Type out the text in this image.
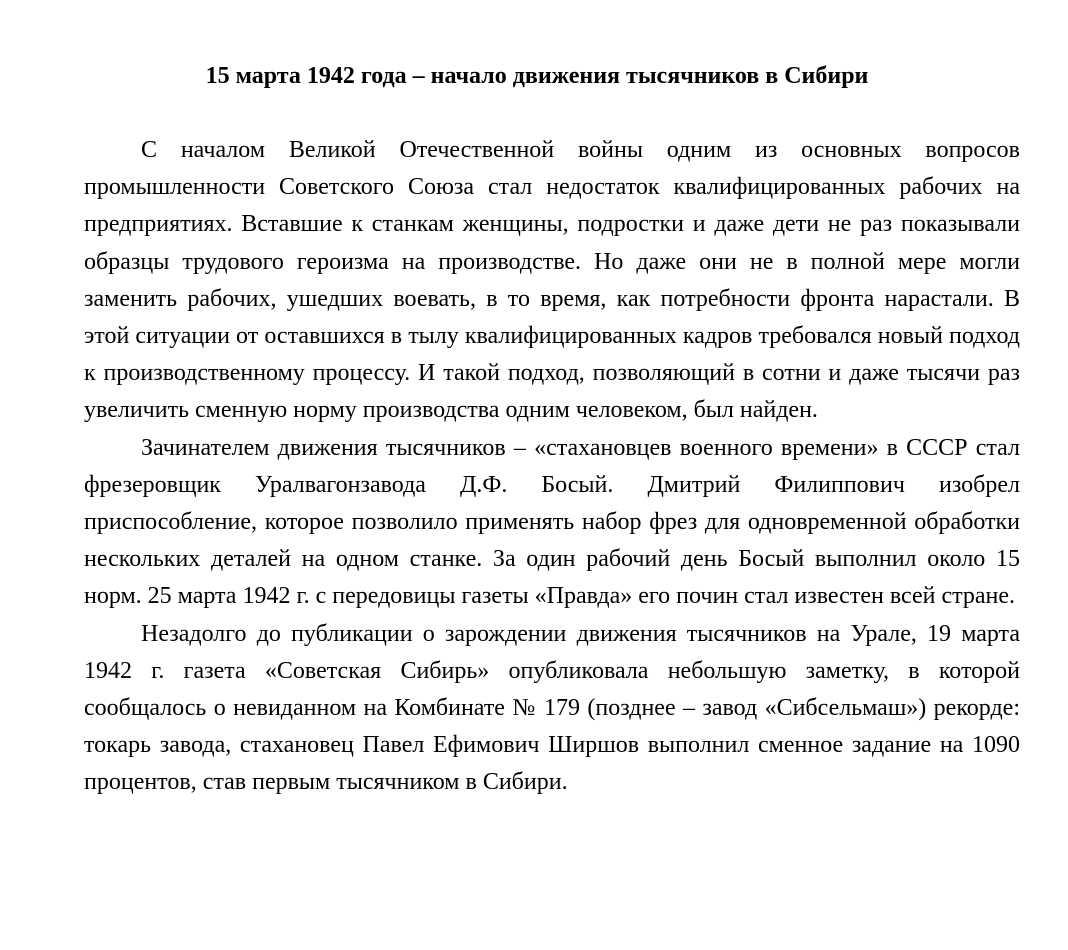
15 марта 1942 года – начало движения тысячников в Сибири

С началом Великой Отечественной войны одним из основных вопросов промышленности Советского Союза стал недостаток квалифицированных рабочих на предприятиях. Вставшие к станкам женщины, подростки и даже дети не раз показывали образцы трудового героизма на производстве. Но даже они не в полной мере могли заменить рабочих, ушедших воевать, в то время, как потребности фронта нарастали. В этой ситуации от оставшихся в тылу квалифицированных кадров требовался новый подход к производственному процессу. И такой подход, позволяющий в сотни и даже тысячи раз увеличить сменную норму производства одним человеком, был найден.

Зачинателем движения тысячников – «стахановцев военного времени» в СССР стал фрезеровщик Уралвагонзавода Д.Ф. Босый. Дмитрий Филиппович изобрел приспособление, которое позволило применять набор фрез для одновременной обработки нескольких деталей на одном станке. За один рабочий день Босый выполнил около 15 норм. 25 марта 1942 г. с передовицы газеты «Правда» его почин стал известен всей стране.

Незадолго до публикации о зарождении движения тысячников на Урале, 19 марта 1942 г. газета «Советская Сибирь» опубликовала небольшую заметку, в которой сообщалось о невиданном на Комбинате № 179 (позднее – завод «Сибсельмаш») рекорде: токарь завода, стахановец Павел Ефимович Ширшов выполнил сменное задание на 1090 процентов, став первым тысячником в Сибири.
